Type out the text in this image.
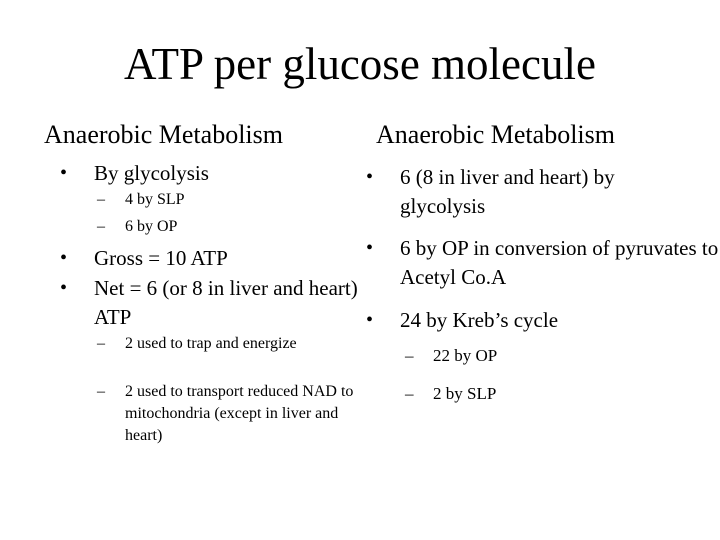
ATP per glucose molecule
Anaerobic Metabolism	Anaerobic Metabolism
•	By glycolysis
–	4 by SLP
–	6 by OP
•	Gross = 10 ATP
•	Net = 6 (or 8 in liver and heart) ATP
–	2 used to trap and energize
–	2 used to transport reduced NAD to mitochondria (except in liver and heart)
•	6 (8 in liver and heart) by glycolysis
•	6 by OP in conversion of pyruvates to Acetyl Co.A
•	24 by Kreb’s cycle
–	22 by OP
–	2 by SLP
